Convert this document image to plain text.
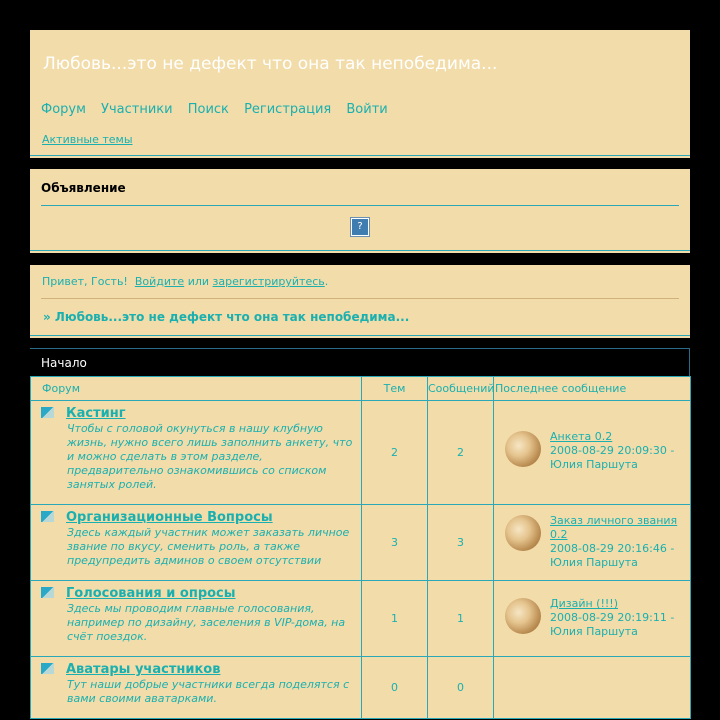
Любовь...это не дефект что она так непобедима...
Форум Участники Поиск Регистрация Войти
Активные темы
Объявление
?
Привет, Гость! Войдите или зарегистрируйтесь.
» Любовь...это не дефект что она так непобедима...
Начало
Форум	Тем	Сообщений	Последнее сообщение

Кастинг
Чтобы с головой окунуться в нашу клубную жизнь, нужно всего лишь заполнить анкету, что и можно сделать в этом разделе, предварительно ознакомившись со списком занятых ролей.	2	2	Анкета 0.2
2008-08-29 20:09:30 -
Юлия Паршута

Организационные Вопросы
Здесь каждый участник может заказать личное звание по вкусу, сменить роль, а также предупредить админов о своем отсутствии	3	3	Заказ личного звания 0.2
2008-08-29 20:16:46 -
Юлия Паршута

Голосования и опросы
Здесь мы проводим главные голосования, например по дизайну, заселения в VIP-дома, на счёт поездок.	1	1	Дизайн (!!!)
2008-08-29 20:19:11 -
Юлия Паршута

Аватары участников
Тут наши добрые участники всегда поделятся с вами своими аватарками.	0	0	
